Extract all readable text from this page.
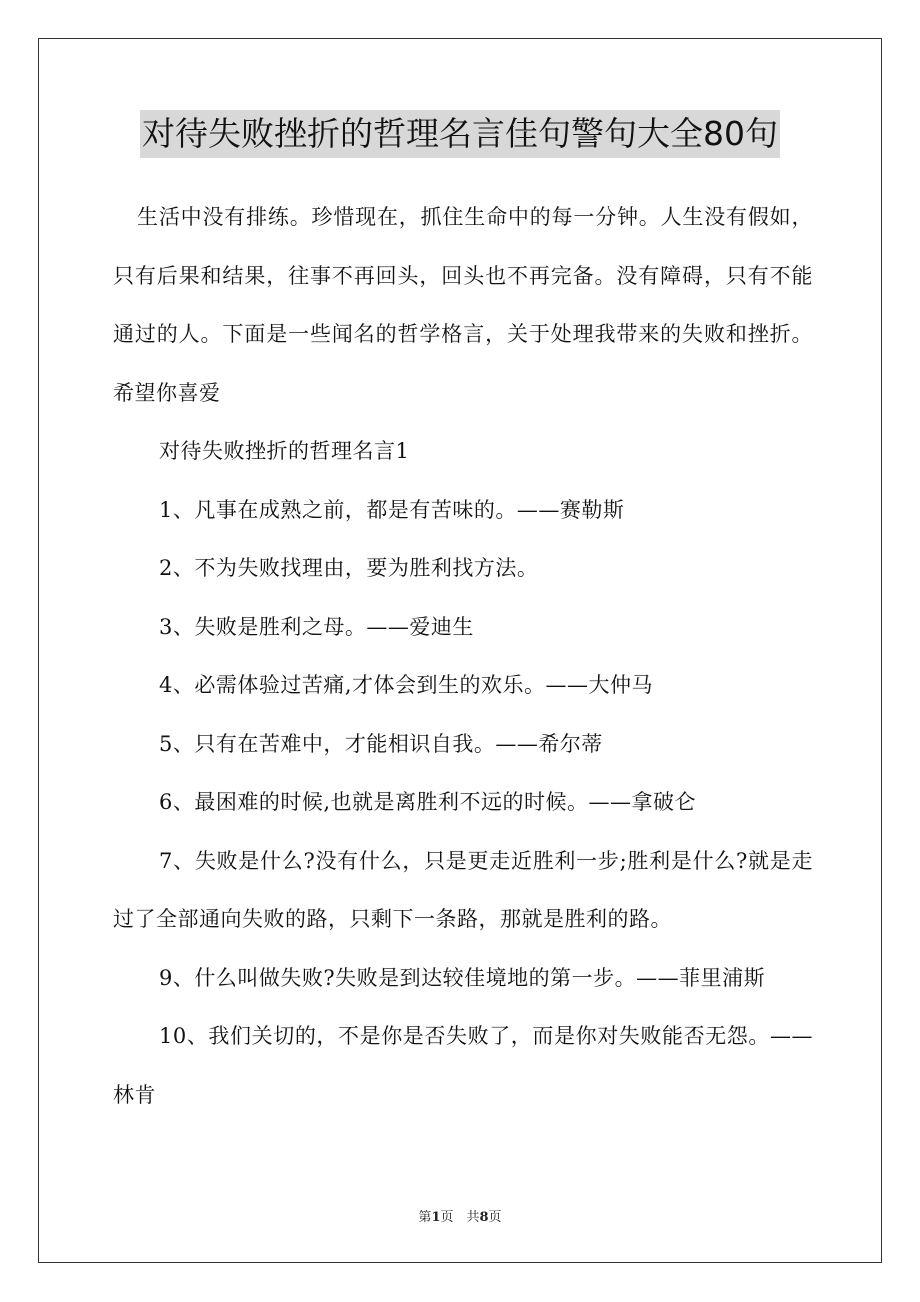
对待失败挫折的哲理名言佳句警句大全80句

生活中没有排练。珍惜现在，抓住生命中的每一分钟。人生没有假如，只有后果和结果，往事不再回头，回头也不再完备。没有障碍，只有不能通过的人。下面是一些闻名的哲学格言，关于处理我带来的失败和挫折。希望你喜爱

对待失败挫折的哲理名言1

1、凡事在成熟之前，都是有苦味的。——赛勒斯

2、不为失败找理由，要为胜利找方法。

3、失败是胜利之母。——爱迪生

4、必需体验过苦痛,才体会到生的欢乐。——大仲马

5、只有在苦难中，才能相识自我。——希尔蒂

6、最困难的时候,也就是离胜利不远的时候。——拿破仑

7、失败是什么?没有什么，只是更走近胜利一步;胜利是什么?就是走过了全部通向失败的路，只剩下一条路，那就是胜利的路。

9、什么叫做失败?失败是到达较佳境地的第一步。——菲里浦斯

10、我们关切的，不是你是否失败了，而是你对失败能否无怨。——林肯

第1页　共8页
